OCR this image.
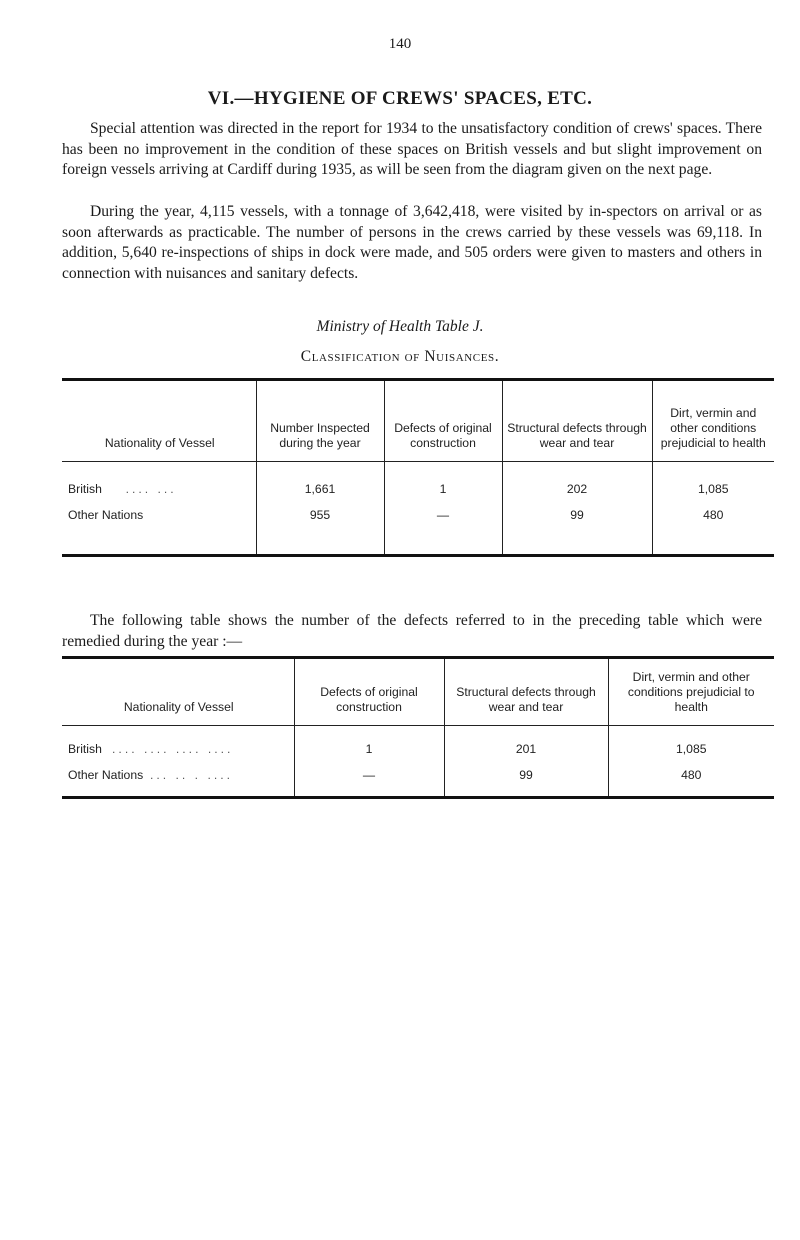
140
VI.—HYGIENE OF CREWS' SPACES, ETC.

Special attention was directed in the report for 1934 to the unsatisfactory condition of crews' spaces. There has been no improvement in the condition of these spaces on British vessels and but slight improvement on foreign vessels arriving at Cardiff during 1935, as will be seen from the diagram given on the next page.

During the year, 4,115 vessels, with a tonnage of 3,642,418, were visited by in-spectors on arrival or as soon afterwards as practicable. The number of persons in the crews carried by these vessels was 69,118. In addition, 5,640 re-inspections of ships in dock were made, and 505 orders were given to masters and others in connection with nuisances and sanitary defects.

Ministry of Health Table J.
Classification of Nuisances.
Nationality of Vessel	Number Inspected during the year	Defects of original construction	Structural defects through wear and tear	Dirt, vermin and other conditions prejudicial to health
British .... ...	1,661	1	202	1,085
Other Nations	955	—	99	480

The following table shows the number of the defects referred to in the preceding table which were remedied during the year :—

Nationality of Vessel	Defects of original construction	Structural defects through wear and tear	Dirt, vermin and other conditions prejudicial to health
British .... .... .... ....	1	201	1,085
Other Nations ... .. . ....	—	99	480
